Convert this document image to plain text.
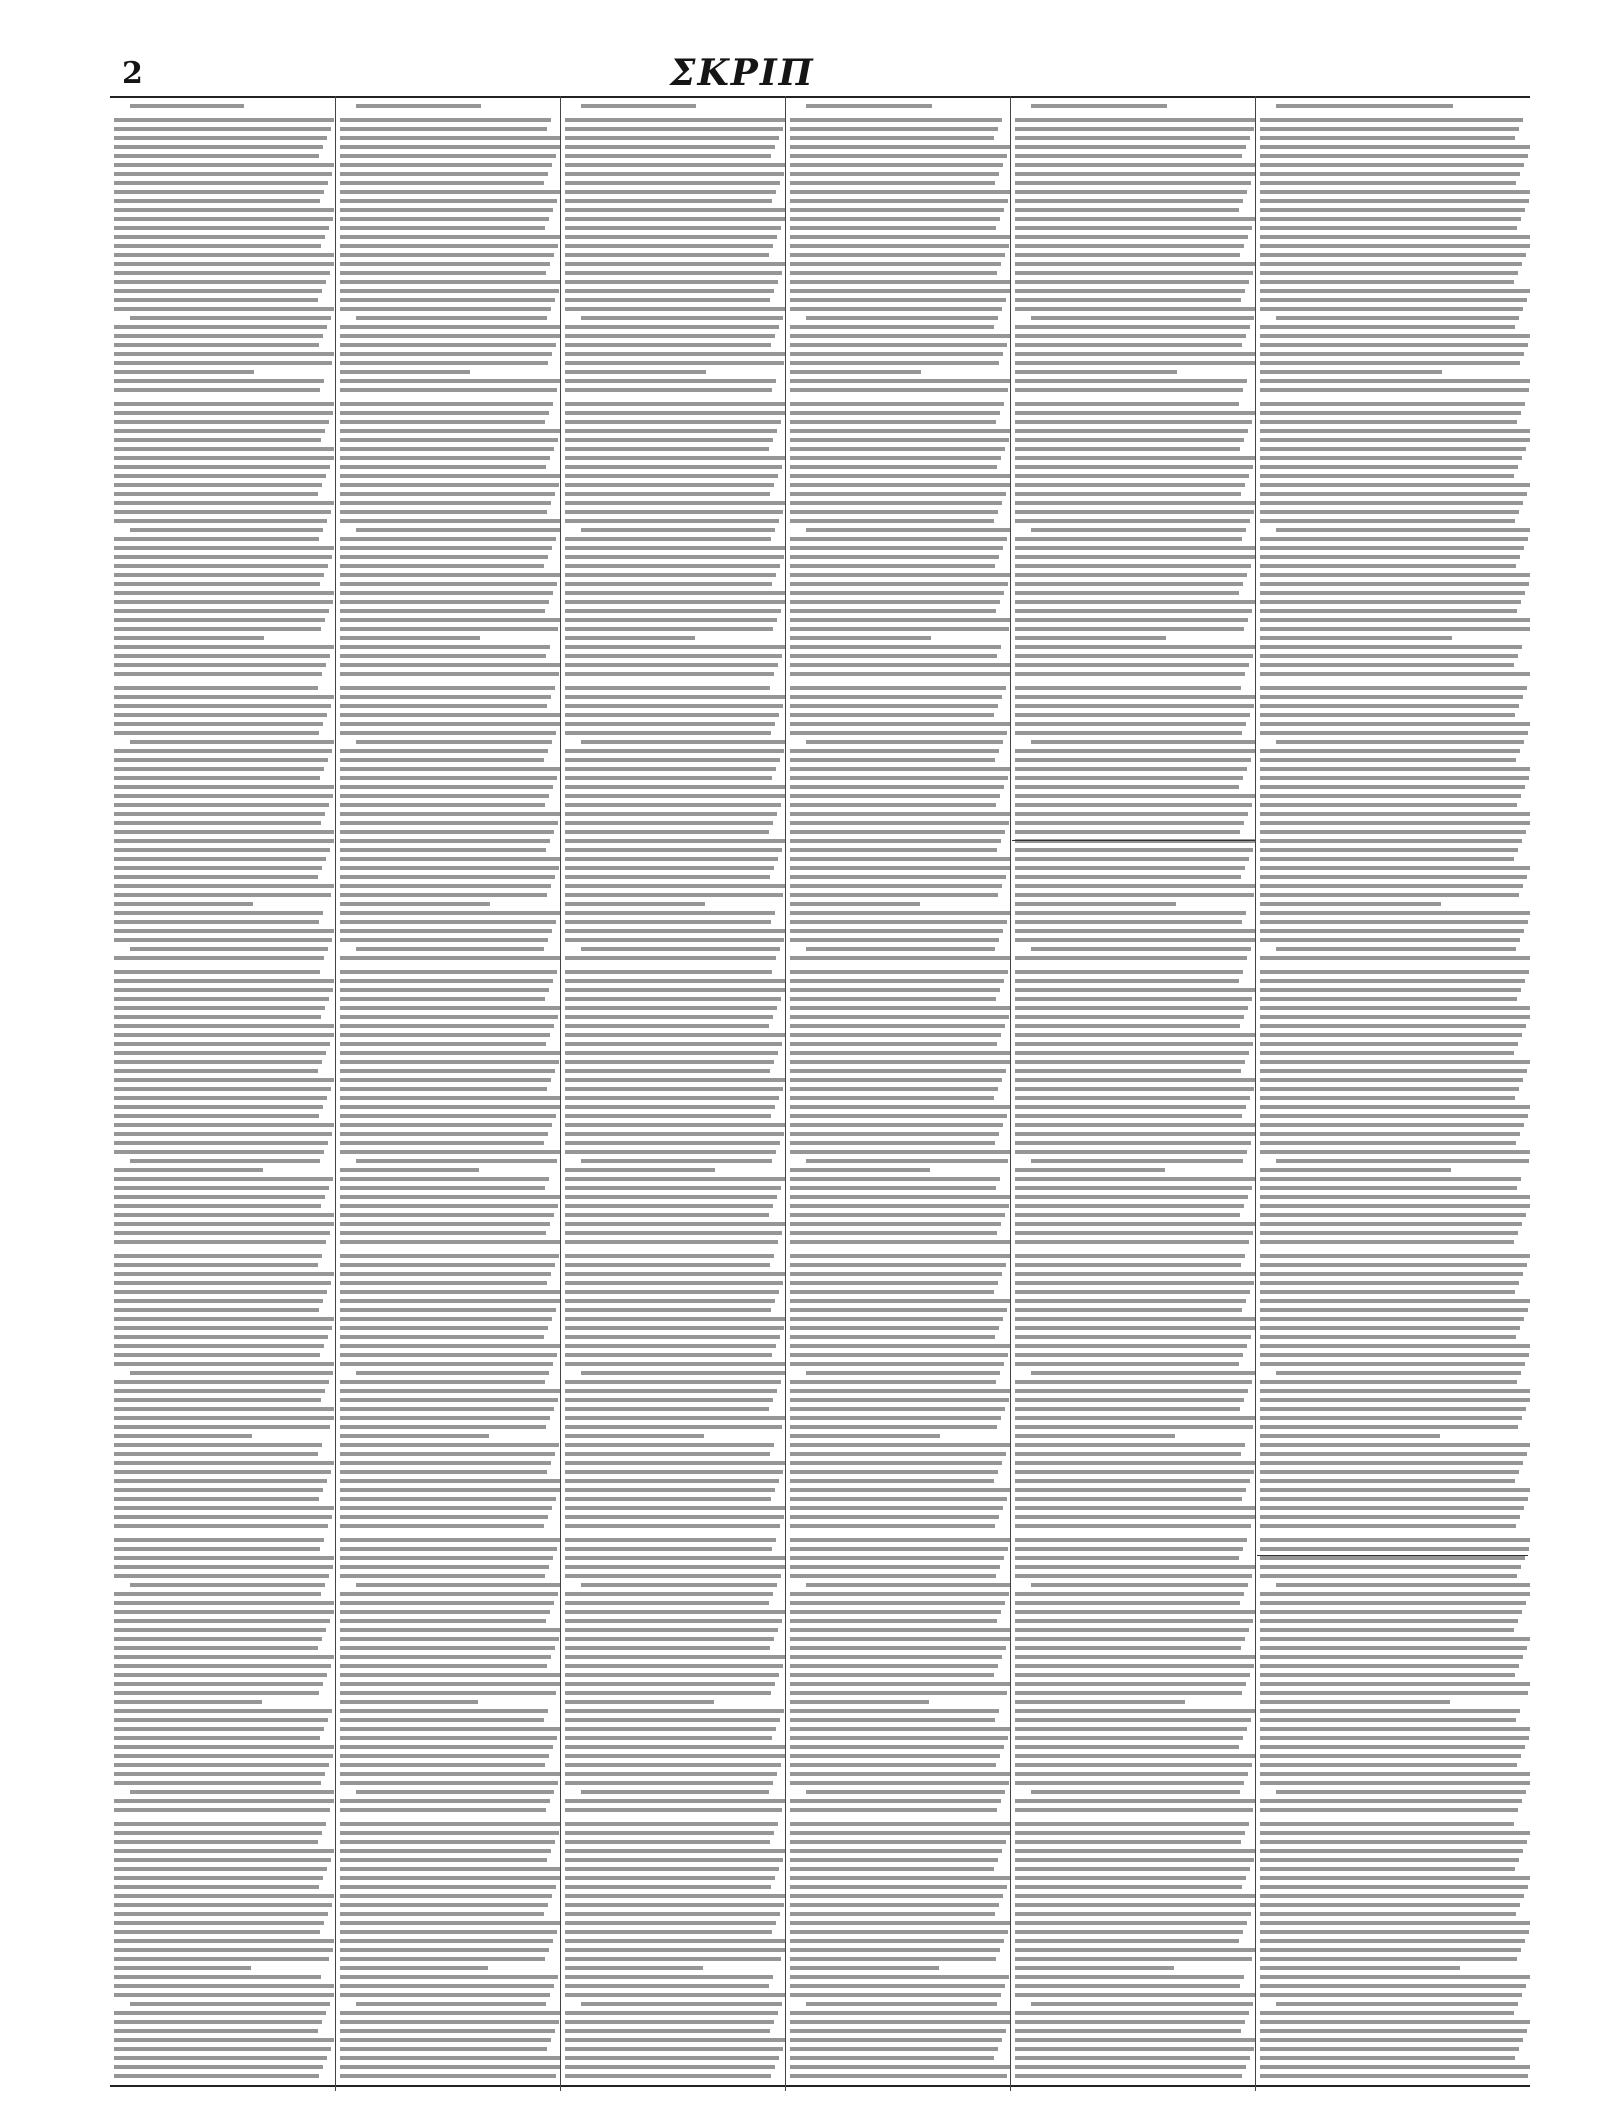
2	ΣΚΡΙΠ
